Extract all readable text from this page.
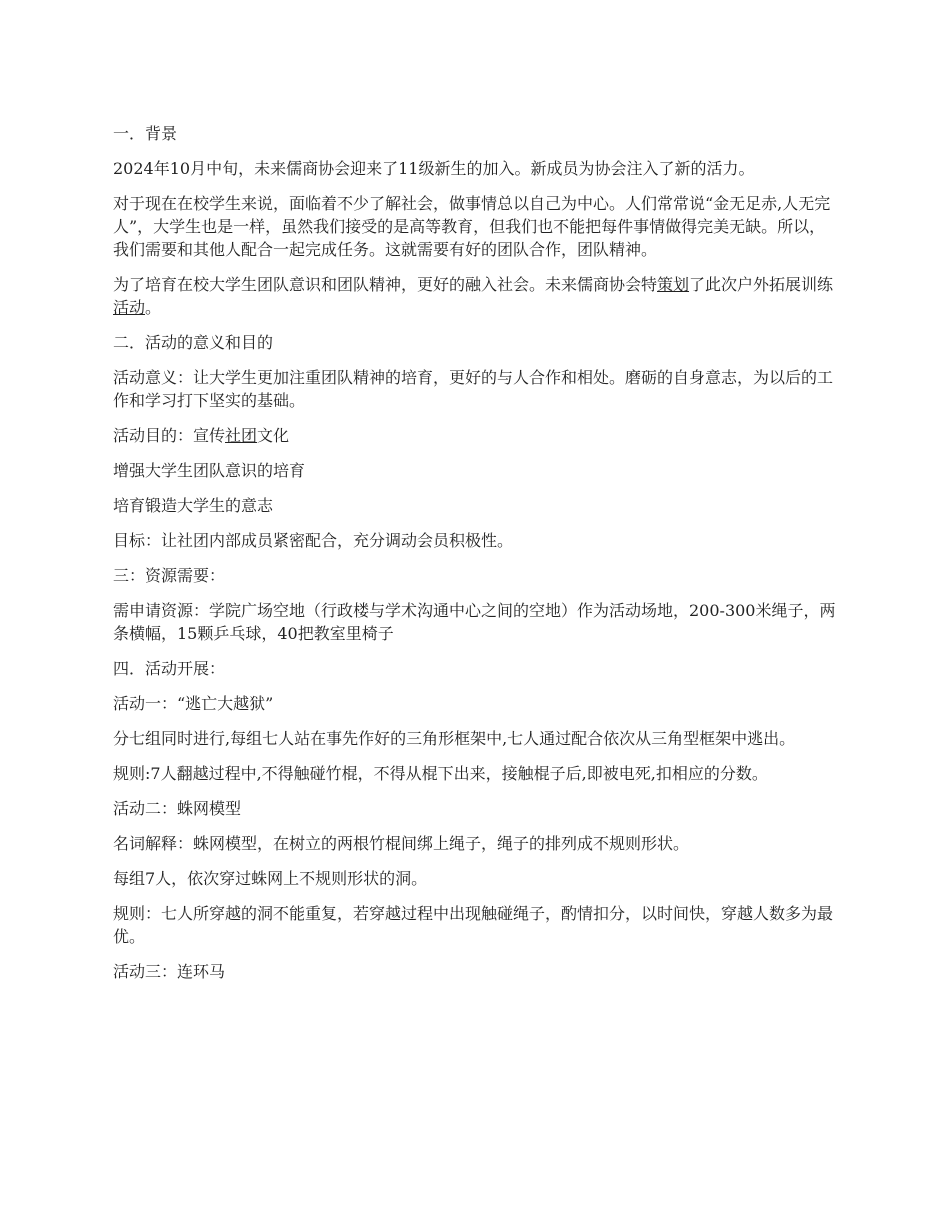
一．背景

2024年10月中旬，未来儒商协会迎来了11级新生的加入。新成员为协会注入了新的活力。

对于现在在校学生来说，面临着不少了解社会，做事情总以自己为中心。人们常常说“金无足赤,人无完人”，大学生也是一样，虽然我们接受的是高等教育，但我们也不能把每件事情做得完美无缺。所以，我们需要和其他人配合一起完成任务。这就需要有好的团队合作，团队精神。

为了培育在校大学生团队意识和团队精神，更好的融入社会。未来儒商协会特策划了此次户外拓展训练活动。

二．活动的意义和目的

活动意义：让大学生更加注重团队精神的培育，更好的与人合作和相处。磨砺的自身意志，为以后的工作和学习打下坚实的基础。

活动目的：宣传社团文化

增强大学生团队意识的培育

培育锻造大学生的意志

目标：让社团内部成员紧密配合，充分调动会员积极性。

三：资源需要：

需申请资源：学院广场空地（行政楼与学术沟通中心之间的空地）作为活动场地，200-300米绳子，两条横幅，15颗乒乓球，40把教室里椅子

四．活动开展：

活动一：“逃亡大越狱”

分七组同时进行,每组七人站在事先作好的三角形框架中,七人通过配合依次从三角型框架中逃出。

规则:7人翻越过程中,不得触碰竹棍，不得从棍下出来，接触棍子后,即被电死,扣相应的分数。

活动二：蛛网模型

名词解释：蛛网模型，在树立的两根竹棍间绑上绳子，绳子的排列成不规则形状。

每组7人，依次穿过蛛网上不规则形状的洞。

规则：七人所穿越的洞不能重复，若穿越过程中出现触碰绳子，酌情扣分，以时间快，穿越人数多为最优。

活动三：连环马
